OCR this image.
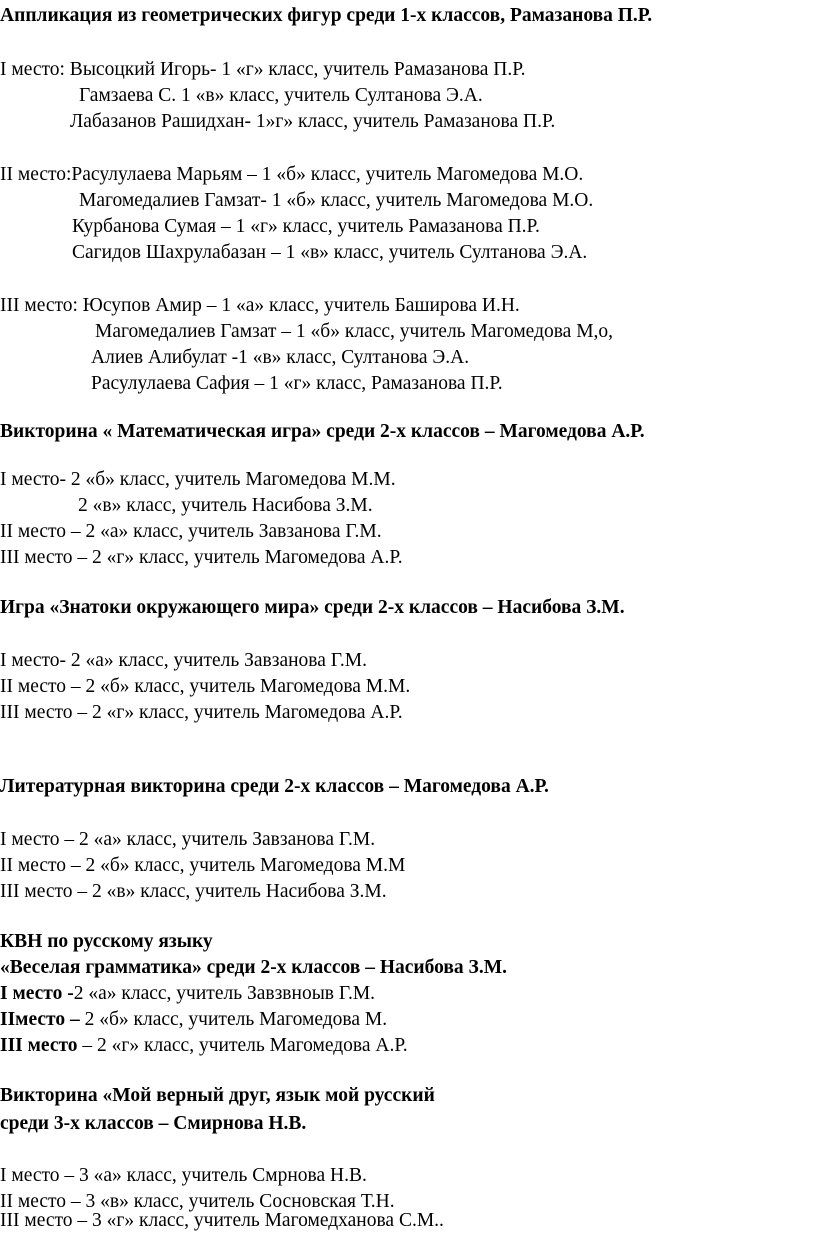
Аппликация из геометрических фигур среди 1-х классов, Рамазанова П.Р.

I место: Высоцкий Игорь- 1 «г» класс, учитель Рамазанова П.Р.

Гамзаева С. 1 «в» класс, учитель Султанова Э.А.

Лабазанов Рашидхан- 1»г» класс, учитель Рамазанова П.Р.

II место:Расулулаева Марьям – 1 «б» класс, учитель Магомедова М.О.

Магомедалиев Гамзат- 1 «б» класс, учитель Магомедова М.О.

Курбанова Сумая – 1 «г» класс, учитель Рамазанова П.Р.

Сагидов Шахрулабазан – 1 «в» класс, учитель Султанова Э.А.

III место: Юсупов Амир – 1 «а» класс, учитель Баширова И.Н.

Магомедалиев Гамзат – 1 «б» класс, учитель Магомедова М,о,

Алиев Алибулат -1 «в» класс, Султанова Э.А.

Расулулаева Сафия – 1 «г» класс, Рамазанова П.Р.

Викторина « Математическая игра» среди 2-х классов – Магомедова А.Р.

I место- 2 «б» класс, учитель Магомедова М.М.

2 «в» класс, учитель Насибова З.М.

II место – 2 «а» класс, учитель Завзанова Г.М.

III место – 2 «г» класс, учитель Магомедова А.Р.

Игра «Знатоки окружающего мира» среди 2-х классов – Насибова З.М.

I место- 2 «а» класс, учитель Завзанова Г.М.

II место – 2 «б» класс, учитель Магомедова М.М.

III место – 2 «г» класс, учитель Магомедова А.Р.

Литературная викторина среди 2-х классов – Магомедова А.Р.

I место – 2 «а» класс, учитель Завзанова Г.М.

II место – 2 «б» класс, учитель Магомедова М.М

III место – 2 «в» класс, учитель Насибова З.М.

КВН по русскому языку

«Веселая грамматика» среди 2-х классов – Насибова З.М.

I место -2 «а» класс, учитель Завзвноыв Г.М.

IIместо – 2 «б» класс, учитель Магомедова М.

III место – 2 «г» класс, учитель Магомедова А.Р.

Викторина «Мой верный друг, язык мой русский

среди 3-х классов – Смирнова Н.В.

I место – 3 «а» класс, учитель Смрнова Н.В.

II место – 3 «в» класс, учитель Сосновская Т.Н.

III место – 3 «г» класс, учитель Магомедханова С.М..
